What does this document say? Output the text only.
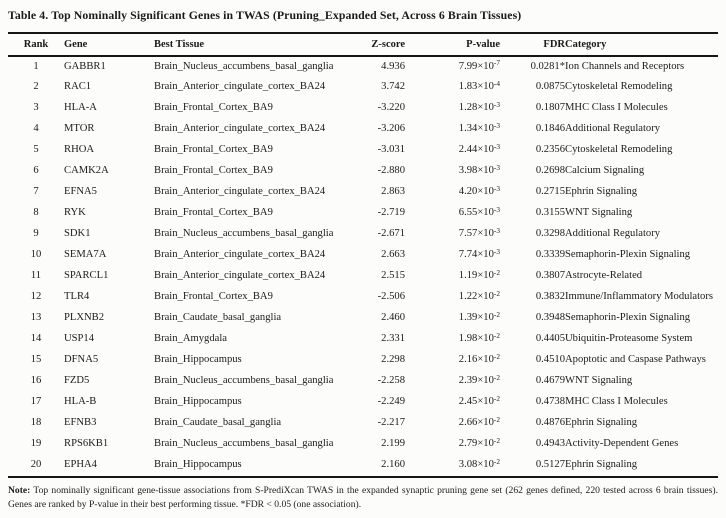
Table 4. Top Nominally Significant Genes in TWAS (Pruning_Expanded Set, Across 6 Brain Tissues)
Rank	Gene	Best Tissue	Z-score	P-value	FDR	Category
1	GABBR1	Brain_Nucleus_accumbens_basal_ganglia	4.936	$7.99\times 10^{-7}$	0.0281*	Ion Channels and Receptors
2	RAC1	Brain_Anterior_cingulate_cortex_BA24	3.742	$1.83\times 10^{-4}$	0.0875	Cytoskeletal Remodeling
3	HLA-A	Brain_Frontal_Cortex_BA9	-3.220	$1.28\times 10^{-3}$	0.1807	MHC Class I Molecules
4	MTOR	Brain_Anterior_cingulate_cortex_BA24	-3.206	$1.34\times 10^{-3}$	0.1846	Additional Regulatory
5	RHOA	Brain_Frontal_Cortex_BA9	-3.031	$2.44\times 10^{-3}$	0.2356	Cytoskeletal Remodeling
6	CAMK2A	Brain_Frontal_Cortex_BA9	-2.880	$3.98\times 10^{-3}$	0.2698	Calcium Signaling
7	EFNA5	Brain_Anterior_cingulate_cortex_BA24	2.863	$4.20\times 10^{-3}$	0.2715	Ephrin Signaling
8	RYK	Brain_Frontal_Cortex_BA9	-2.719	$6.55\times 10^{-3}$	0.3155	WNT Signaling
9	SDK1	Brain_Nucleus_accumbens_basal_ganglia	-2.671	$7.57\times 10^{-3}$	0.3298	Additional Regulatory
10	SEMA7A	Brain_Anterior_cingulate_cortex_BA24	2.663	$7.74\times 10^{-3}$	0.3339	Semaphorin-Plexin Signaling
11	SPARCL1	Brain_Anterior_cingulate_cortex_BA24	2.515	$1.19\times 10^{-2}$	0.3807	Astrocyte-Related
12	TLR4	Brain_Frontal_Cortex_BA9	-2.506	$1.22\times 10^{-2}$	0.3832	Immune/Inflammatory Modulators
13	PLXNB2	Brain_Caudate_basal_ganglia	2.460	$1.39\times 10^{-2}$	0.3948	Semaphorin-Plexin Signaling
14	USP14	Brain_Amygdala	2.331	$1.98\times 10^{-2}$	0.4405	Ubiquitin-Proteasome System
15	DFNA5	Brain_Hippocampus	2.298	$2.16\times 10^{-2}$	0.4510	Apoptotic and Caspase Pathways
16	FZD5	Brain_Nucleus_accumbens_basal_ganglia	-2.258	$2.39\times 10^{-2}$	0.4679	WNT Signaling
17	HLA-B	Brain_Hippocampus	-2.249	$2.45\times 10^{-2}$	0.4738	MHC Class I Molecules
18	EFNB3	Brain_Caudate_basal_ganglia	-2.217	$2.66\times 10^{-2}$	0.4876	Ephrin Signaling
19	RPS6KB1	Brain_Nucleus_accumbens_basal_ganglia	2.199	$2.79\times 10^{-2}$	0.4943	Activity-Dependent Genes
20	EPHA4	Brain_Hippocampus	2.160	$3.08\times 10^{-2}$	0.5127	Ephrin Signaling
Note: Top nominally significant gene-tissue associations from S-PrediXcan TWAS in the expanded synaptic pruning gene set (262 genes defined, 220 tested across 6 brain tissues). Genes are ranked by P-value in their best performing tissue. *FDR < 0.05 (one association).
